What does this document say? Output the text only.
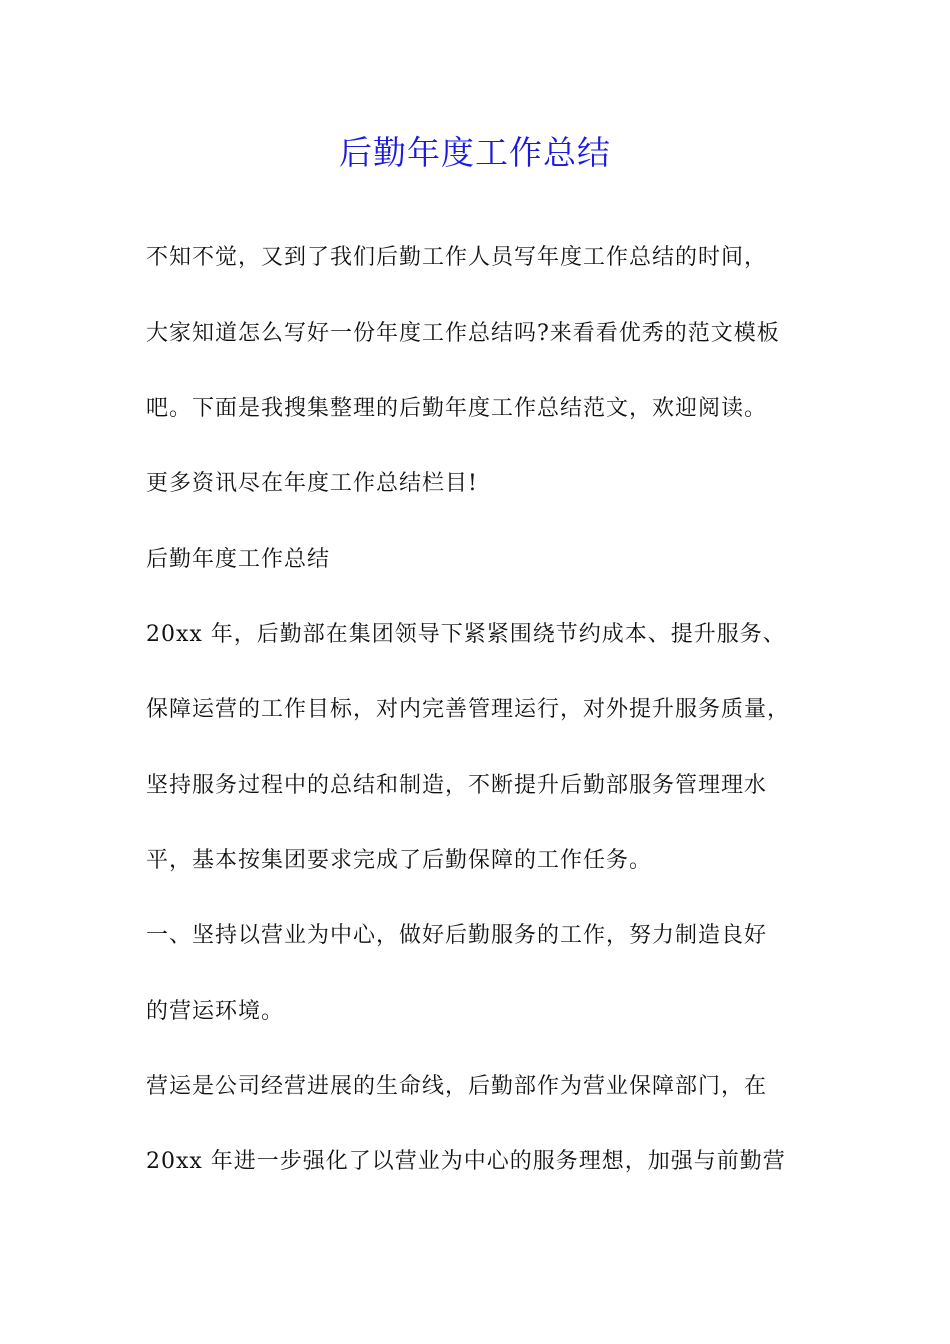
后勤年度工作总结

不知不觉，又到了我们后勤工作人员写年度工作总结的时间，

大家知道怎么写好一份年度工作总结吗?来看看优秀的范文模板

吧。下面是我搜集整理的后勤年度工作总结范文，欢迎阅读。

更多资讯尽在年度工作总结栏目!

后勤年度工作总结

20xx 年，后勤部在集团领导下紧紧围绕节约成本、提升服务、

保障运营的工作目标，对内完善管理运行，对外提升服务质量，

坚持服务过程中的总结和制造，不断提升后勤部服务管理理水

平，基本按集团要求完成了后勤保障的工作任务。

一、坚持以营业为中心，做好后勤服务的工作，努力制造良好

的营运环境。

营运是公司经营进展的生命线，后勤部作为营业保障部门，在

20xx 年进一步强化了以营业为中心的服务理想，加强与前勤营
